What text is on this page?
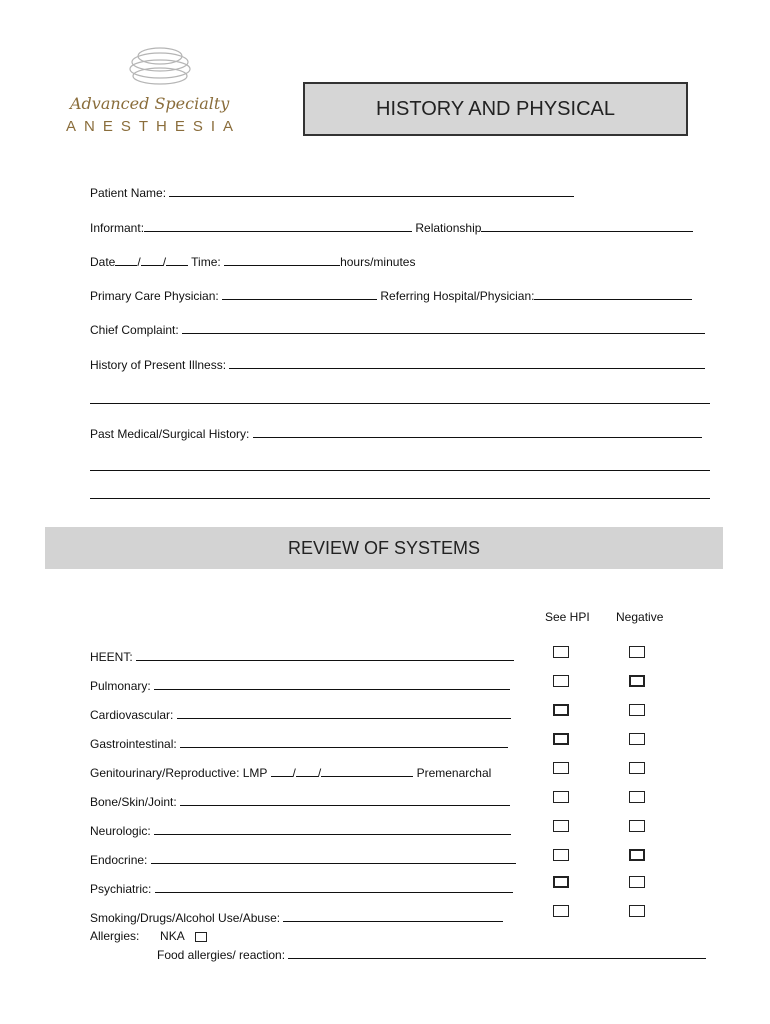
Advanced Specialty
ANESTHESIA
HISTORY AND PHYSICAL
Patient Name:
Informant:	Relationship
Date / / Time:	hours/minutes
Primary Care Physician:	Referring Hospital/Physician:
Chief Complaint:
History of Present Illness:
Past Medical/Surgical History:
REVIEW OF SYSTEMS
See HPI Negative
HEENT:
Pulmonary:
Cardiovascular:
Gastrointestinal:
Genitourinary/Reproductive: LMP / /	Premenarchal
Bone/Skin/Joint:
Neurologic:
Endocrine:
Psychiatric:
Smoking/Drugs/Alcohol Use/Abuse:
Allergies: NKA
Food allergies/ reaction:
